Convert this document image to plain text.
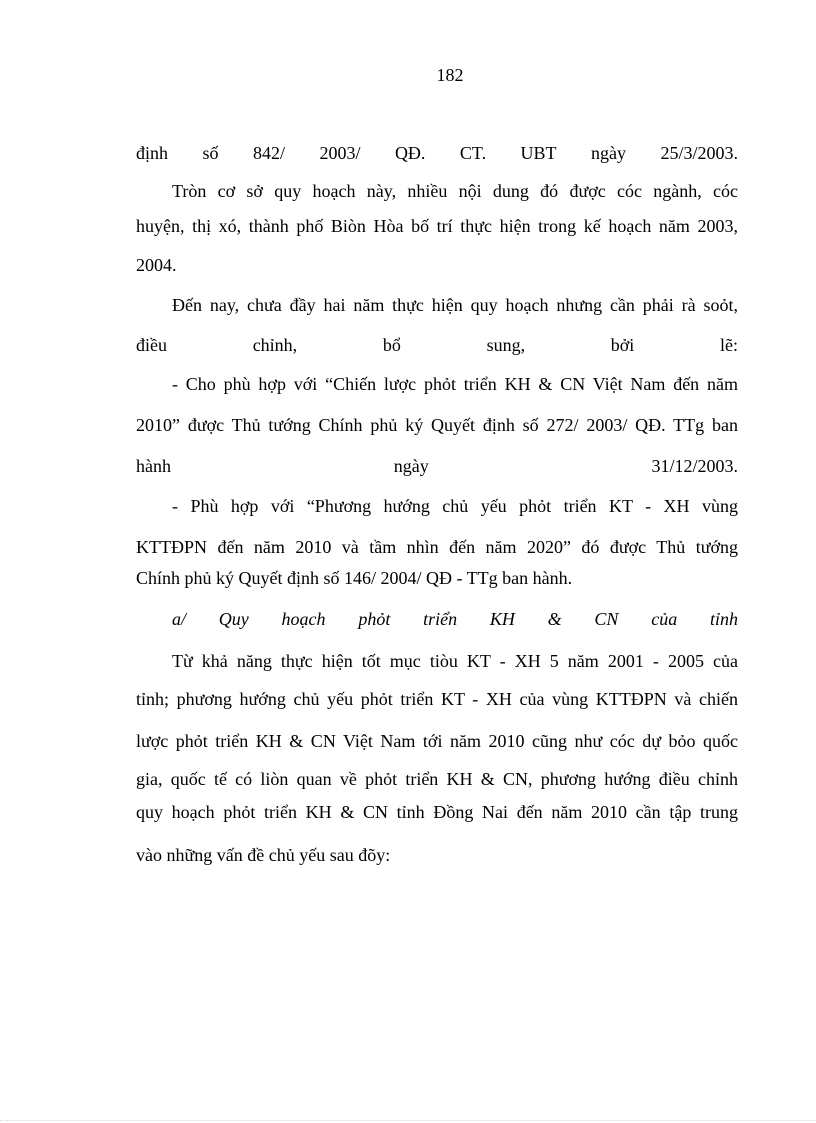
182
định số 842/ 2003/ QĐ. CT. UBT ngày 25/3/2003.
Tròn cơ sở quy hoạch này, nhiều nội dung đó được cóc ngành, cóc
huyện, thị xó, thành phố Biòn Hòa bố trí thực hiện trong kế hoạch năm 2003,
2004.
Đến nay, chưa đầy hai năm thực hiện quy hoạch nhưng cần phải rà soỏt,
điều	chỉnh,	bổ	sung,	bởi	lẽ:
- Cho phù hợp với “Chiến lược phỏt triển KH & CN Việt Nam đến năm
2010” được Thủ tướng Chính phủ ký Quyết định số 272/ 2003/ QĐ. TTg ban
hành	ngày	31/12/2003.
- Phù hợp với “Phương hướng chủ yếu phỏt triển KT - XH vùng
KTTĐPN đến năm 2010 và tầm nhìn đến năm 2020” đó được Thủ tướng
Chính phủ ký Quyết định số 146/ 2004/ QĐ - TTg ban hành.
a/ Quy hoạch phỏt triển KH & CN của tỉnh
Từ khả năng thực hiện tốt mục tiòu KT - XH 5 năm 2001 - 2005 của
tỉnh; phương hướng chủ yếu phỏt triển KT - XH của vùng KTTĐPN và chiến
lược phỏt triển KH & CN Việt Nam tới năm 2010 cũng như cóc dự bỏo quốc
gia, quốc tế có liòn quan về phỏt triển KH & CN, phương hướng điều chỉnh
quy hoạch phỏt triển KH & CN tỉnh Đồng Nai đến năm 2010 cần tập trung
vào những vấn đề chủ yếu sau đõy:
